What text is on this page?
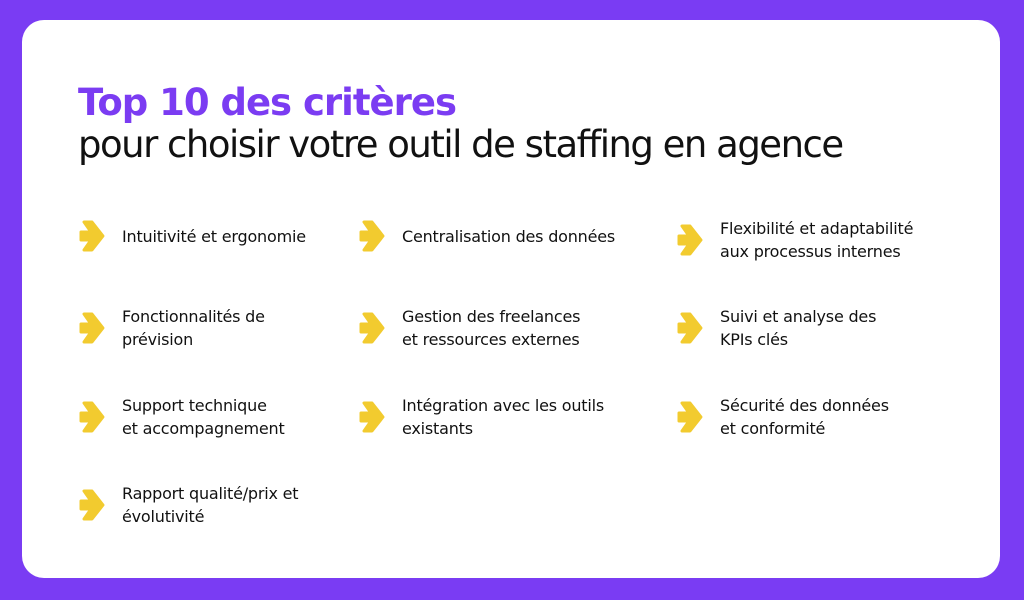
Top 10 des critères
pour choisir votre outil de staffing en agence
Intuitivité et ergonomie	Centralisation des données	Flexibilité et adaptabilité
aux processus internes
Fonctionnalités de
prévision
Gestion des freelances
et ressources externes
Suivi et analyse des
KPIs clés
Support technique
et accompagnement
Intégration avec les outils
existants
Sécurité des données
et conformité
Rapport qualité/prix et
évolutivité
